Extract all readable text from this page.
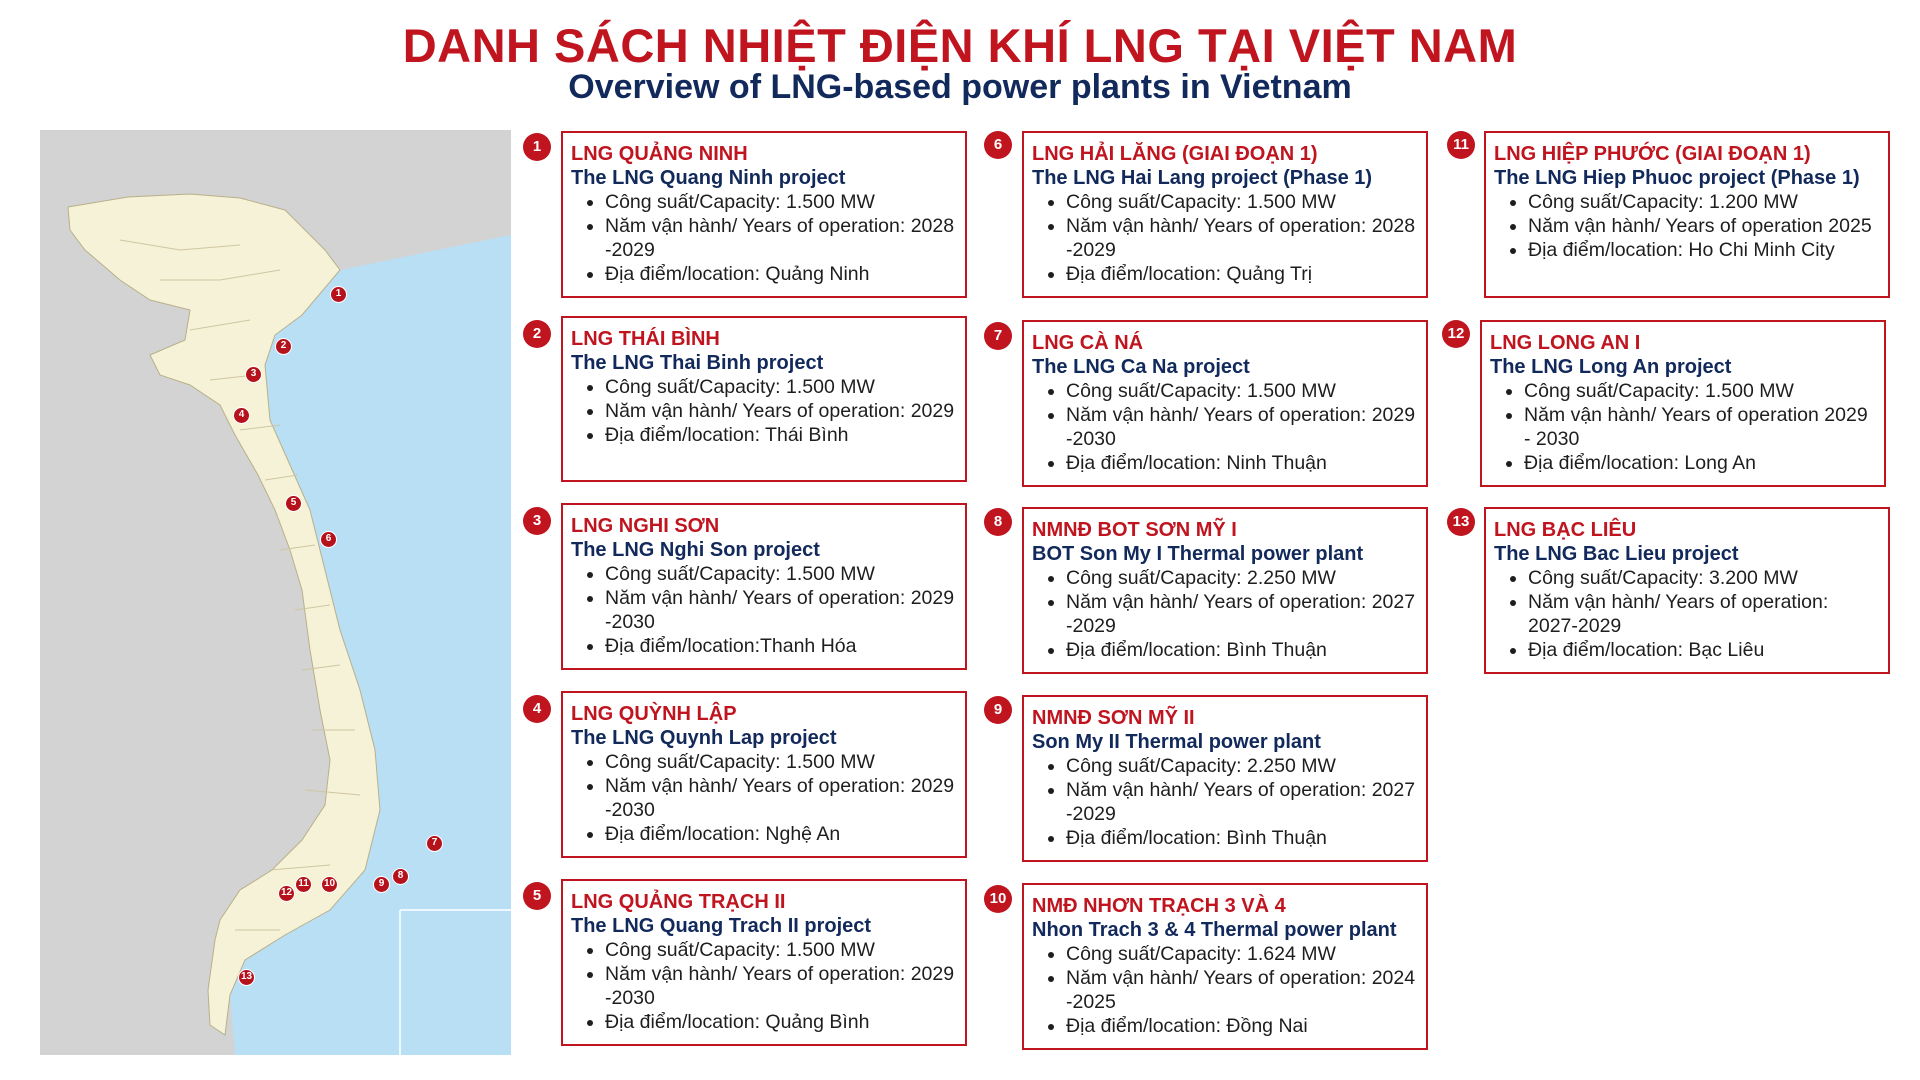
DANH SÁCH NHIỆT ĐIỆN KHÍ LNG TẠI VIỆT NAM
Overview of LNG-based power plants in Vietnam
1
2
3
4
5
6
7
8
9
10
11
12
13
1	LNG QUẢNG NINH
The LNG Quang Ninh project
• Công suất/Capacity: 1.500 MW
• Năm vận hành/ Years of operation: 2028 -2029
• Địa điểm/location: Quảng Ninh
2	LNG THÁI BÌNH
The LNG Thai Binh project
• Công suất/Capacity: 1.500 MW
• Năm vận hành/ Years of operation: 2029
• Địa điểm/location: Thái Bình
3	LNG NGHI SƠN
The LNG Nghi Son project
• Công suất/Capacity: 1.500 MW
• Năm vận hành/ Years of operation: 2029 -2030
• Địa điểm/location:Thanh Hóa
4	LNG QUỲNH LẬP
The LNG Quynh Lap project
• Công suất/Capacity: 1.500 MW
• Năm vận hành/ Years of operation: 2029 -2030
• Địa điểm/location: Nghệ An
5	LNG QUẢNG TRẠCH II
The LNG Quang Trach II project
• Công suất/Capacity: 1.500 MW
• Năm vận hành/ Years of operation: 2029 -2030
• Địa điểm/location: Quảng Bình
6	LNG HẢI LĂNG (GIAI ĐOẠN 1)
The LNG Hai Lang project (Phase 1)
• Công suất/Capacity: 1.500 MW
• Năm vận hành/ Years of operation: 2028 -2029
• Địa điểm/location: Quảng Trị
7	LNG CÀ NÁ
The LNG Ca Na project
• Công suất/Capacity: 1.500 MW
• Năm vận hành/ Years of operation: 2029 -2030
• Địa điểm/location: Ninh Thuận
8	NMNĐ BOT SƠN MỸ I
BOT Son My I Thermal power plant
• Công suất/Capacity: 2.250 MW
• Năm vận hành/ Years of operation: 2027 -2029
• Địa điểm/location: Bình Thuận
9	NMNĐ SƠN MỸ II
Son My II Thermal power plant
• Công suất/Capacity: 2.250 MW
• Năm vận hành/ Years of operation: 2027 -2029
• Địa điểm/location: Bình Thuận
10 NMĐ NHƠN TRẠCH 3 VÀ 4
Nhon Trach 3 & 4 Thermal power plant
• Công suất/Capacity: 1.624 MW
• Năm vận hành/ Years of operation: 2024 -2025
• Địa điểm/location: Đồng Nai
11	LNG HIỆP PHƯỚC (GIAI ĐOẠN 1)
The LNG Hiep Phuoc project (Phase 1)
• Công suất/Capacity: 1.200 MW
• Năm vận hành/ Years of operation 2025
• Địa điểm/location: Ho Chi Minh City
12 LNG LONG AN I
The LNG Long An project
• Công suất/Capacity: 1.500 MW
• Năm vận hành/ Years of operation 2029 - 2030
• Địa điểm/location: Long An
13 LNG BẠC LIÊU
The LNG Bac Lieu project
• Công suất/Capacity: 3.200 MW
• Năm vận hành/ Years of operation: 2027-2029
• Địa điểm/location: Bạc Liêu
